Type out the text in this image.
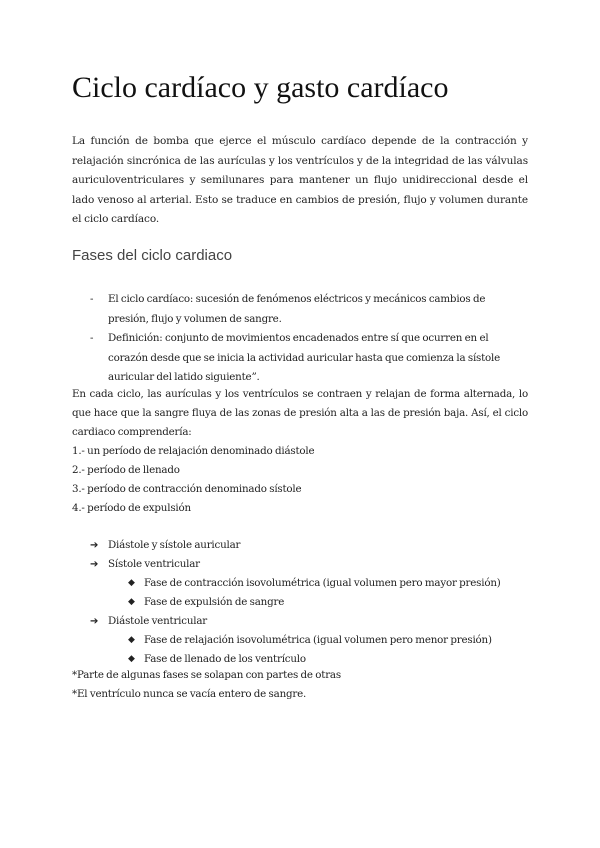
Ciclo cardíaco y gasto cardíaco

La función de bomba que ejerce el músculo cardíaco depende de la contracción y relajación sincrónica de las aurículas y los ventrículos y de la integridad de las válvulas auriculoventriculares y semilunares para mantener un flujo unidireccional desde el lado venoso al arterial. Esto se traduce en cambios de presión, flujo y volumen durante el ciclo cardíaco.

Fases del ciclo cardiaco
- El ciclo cardíaco: sucesión de fenómenos eléctricos y mecánicos cambios de presión, flujo y volumen de sangre.
- Definición: conjunto de movimientos encadenados entre sí que ocurren en el corazón desde que se inicia la actividad auricular hasta que comienza la sístole auricular del latido siguiente”.

En cada ciclo, las aurículas y los ventrículos se contraen y relajan de forma alternada, lo que hace que la sangre fluya de las zonas de presión alta a las de presión baja. Así, el ciclo cardiaco comprendería:

1.- un período de relajación denominado diástole
2.- período de llenado
3.- período de contracción denominado sístole
4.- período de expulsión
➔ Diástole y sístole auricular
➔ Sístole ventricular
◆ Fase de contracción isovolumétrica (igual volumen pero mayor presión)
◆ Fase de expulsión de sangre
➔ Diástole ventricular
◆ Fase de relajación isovolumétrica (igual volumen pero menor presión)
◆ Fase de llenado de los ventrículo
*Parte de algunas fases se solapan con partes de otras
*El ventrículo nunca se vacía entero de sangre.
